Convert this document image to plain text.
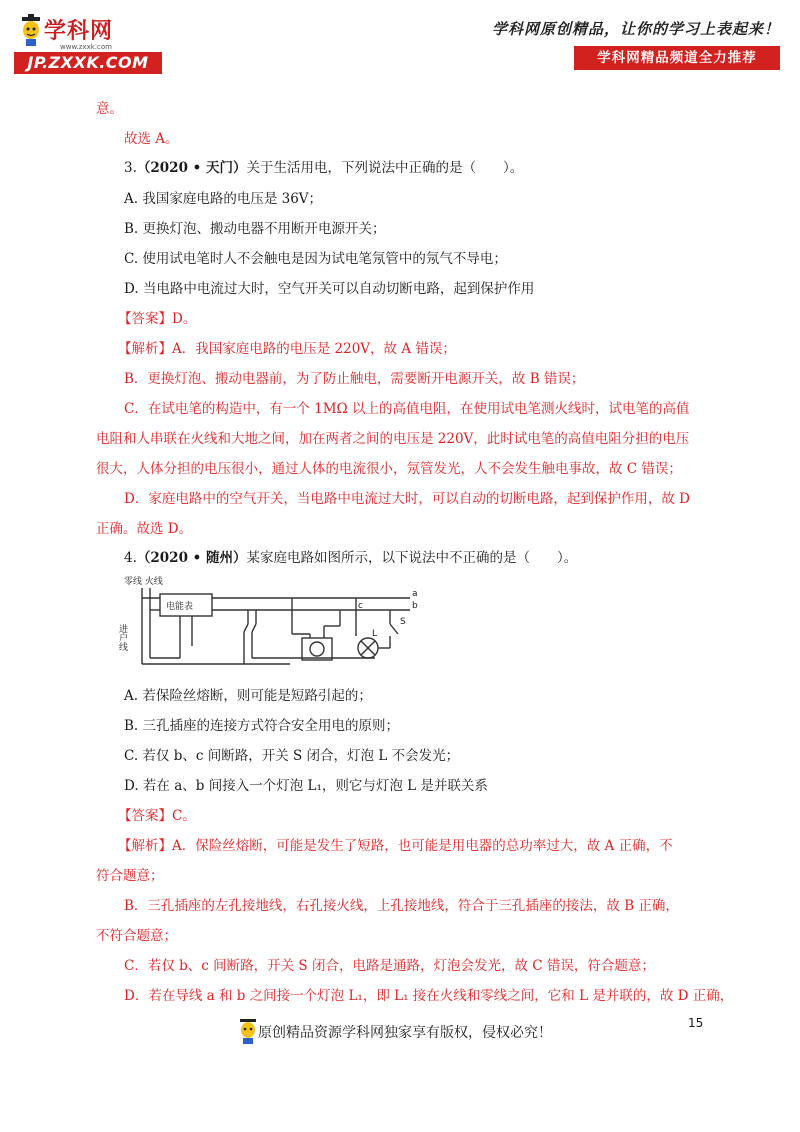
学科网
www.zxxk.com
JP.ZXXK.COM
学科网原创精品，让你的学习上表起来！
学科网精品频道全力推荐
意。
故选 A。
3.（2020 • 天门）关于生活用电，下列说法中正确的是（　　）。
A. 我国家庭电路的电压是 36V；
B. 更换灯泡、搬动电器不用断开电源开关；
C. 使用试电笔时人不会触电是因为试电笔氖管中的氖气不导电；
D. 当电路中电流过大时，空气开关可以自动切断电路，起到保护作用
【答案】D。
【解析】A．我国家庭电路的电压是 220V，故 A 错误；
B．更换灯泡、搬动电器前，为了防止触电，需要断开电源开关，故 B 错误；
C．在试电笔的构造中，有一个 1MΩ 以上的高值电阻，在使用试电笔测火线时，试电笔的高值
电阻和人串联在火线和大地之间，加在两者之间的电压是 220V，此时试电笔的高值电阻分担的电压
很大，人体分担的电压很小，通过人体的电流很小，氖管发光，人不会发生触电事故，故 C 错误；
D．家庭电路中的空气开关，当电路中电流过大时，可以自动的切断电路，起到保护作用，故 D
正确。故选 D。
4.（2020 • 随州）某家庭电路如图所示，以下说法中不正确的是（　　）。
零线 火线
电能表
进户线
a
b
c
S
L
A. 若保险丝熔断，则可能是短路引起的；
B. 三孔插座的连接方式符合安全用电的原则；
C. 若仅 b、c 间断路，开关 S 闭合，灯泡 L 不会发光；
D. 若在 a、b 间接入一个灯泡 L₁，则它与灯泡 L 是并联关系
【答案】C。
【解析】A．保险丝熔断，可能是发生了短路，也可能是用电器的总功率过大，故 A 正确，不
符合题意；
B．三孔插座的左孔接地线，右孔接火线，上孔接地线，符合于三孔插座的接法，故 B 正确，
不符合题意；
C．若仅 b、c 间断路，开关 S 闭合，电路是通路，灯泡会发光，故 C 错误，符合题意；
D．若在导线 a 和 b 之间接一个灯泡 L₁，即 L₁ 接在火线和零线之间，它和 L 是并联的，故 D 正确，
15
原创精品资源学科网独家享有版权，侵权必究！
